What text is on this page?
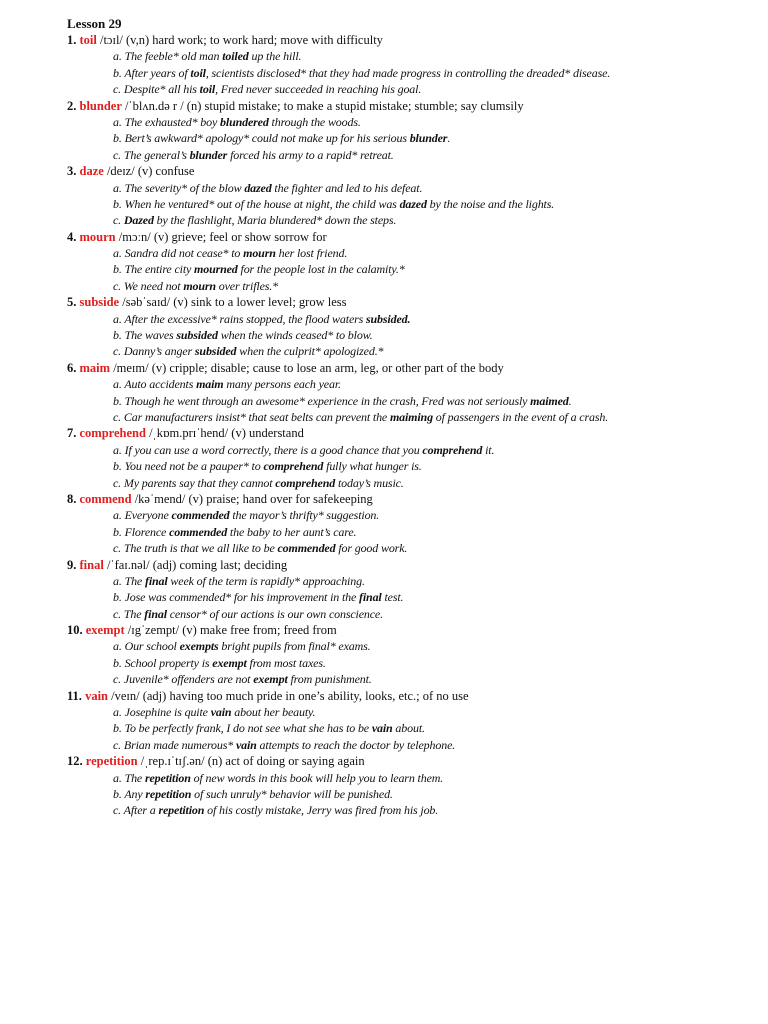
Lesson 29
1. toil /tɔɪl/ (v,n) hard work; to work hard; move with difficulty
a. The feeble* old man toiled up the hill.
b. After years of toil, scientists disclosed* that they had made progress in controlling the dreaded* disease.
c. Despite* all his toil, Fred never succeeded in reaching his goal.
2. blunder /ˈblʌn.də r / (n) stupid mistake; to make a stupid mistake; stumble; say clumsily
a. The exhausted* boy blundered through the woods.
b. Bert’s awkward* apology* could not make up for his serious blunder.
c. The general’s blunder forced his army to a rapid* retreat.
3. daze /deɪz/ (v) confuse
a. The severity* of the blow dazed the fighter and led to his defeat.
b. When he ventured* out of the house at night, the child was dazed by the noise and the lights.
c. Dazed by the flashlight, Maria blundered* down the steps.
4. mourn /mɔːn/ (v) grieve; feel or show sorrow for
a. Sandra did not cease* to mourn her lost friend.
b. The entire city mourned for the people lost in the calamity.*
c. We need not mourn over trifles.*
5. subside /səbˈsaɪd/ (v) sink to a lower level; grow less
a. After the excessive* rains stopped, the flood waters subsided.
b. The waves subsided when the winds ceased* to blow.
c. Danny’s anger subsided when the culprit* apologized.*
6. maim /meɪm/ (v) cripple; disable; cause to lose an arm, leg, or other part of the body
a. Auto accidents maim many persons each year.
b. Though he went through an awesome* experience in the crash, Fred was not seriously maimed.
c. Car manufacturers insist* that seat belts can prevent the maiming of passengers in the event of a crash.
7. comprehend /ˌkɒm.prɪˈhend/ (v) understand
a. If you can use a word correctly, there is a good chance that you comprehend it.
b. You need not be a pauper* to comprehend fully what hunger is.
c. My parents say that they cannot comprehend today’s music.
8. commend /kəˈmend/ (v) praise; hand over for safekeeping
a. Everyone commended the mayor’s thrifty* suggestion.
b. Florence commended the baby to her aunt’s care.
c. The truth is that we all like to be commended for good work.
9. final /ˈfaɪ.nəl/ (adj) coming last; deciding
a. The final week of the term is rapidly* approaching.
b. Jose was commended* for his improvement in the final test.
c. The final censor* of our actions is our own conscience.
10. exempt /ɪgˈzempt/ (v) make free from; freed from
a. Our school exempts bright pupils from final* exams.
b. School property is exempt from most taxes.
c. Juvenile* offenders are not exempt from punishment.
11. vain /veɪn/ (adj) having too much pride in one’s ability, looks, etc.; of no use
a. Josephine is quite vain about her beauty.
b. To be perfectly frank, I do not see what she has to be vain about.
c. Brian made numerous* vain attempts to reach the doctor by telephone.
12. repetition /ˌrep.ɪˈtɪʃ.ən/ (n) act of doing or saying again
a. The repetition of new words in this book will help you to learn them.
b. Any repetition of such unruly* behavior will be punished.
c. After a repetition of his costly mistake, Jerry was fired from his job.
